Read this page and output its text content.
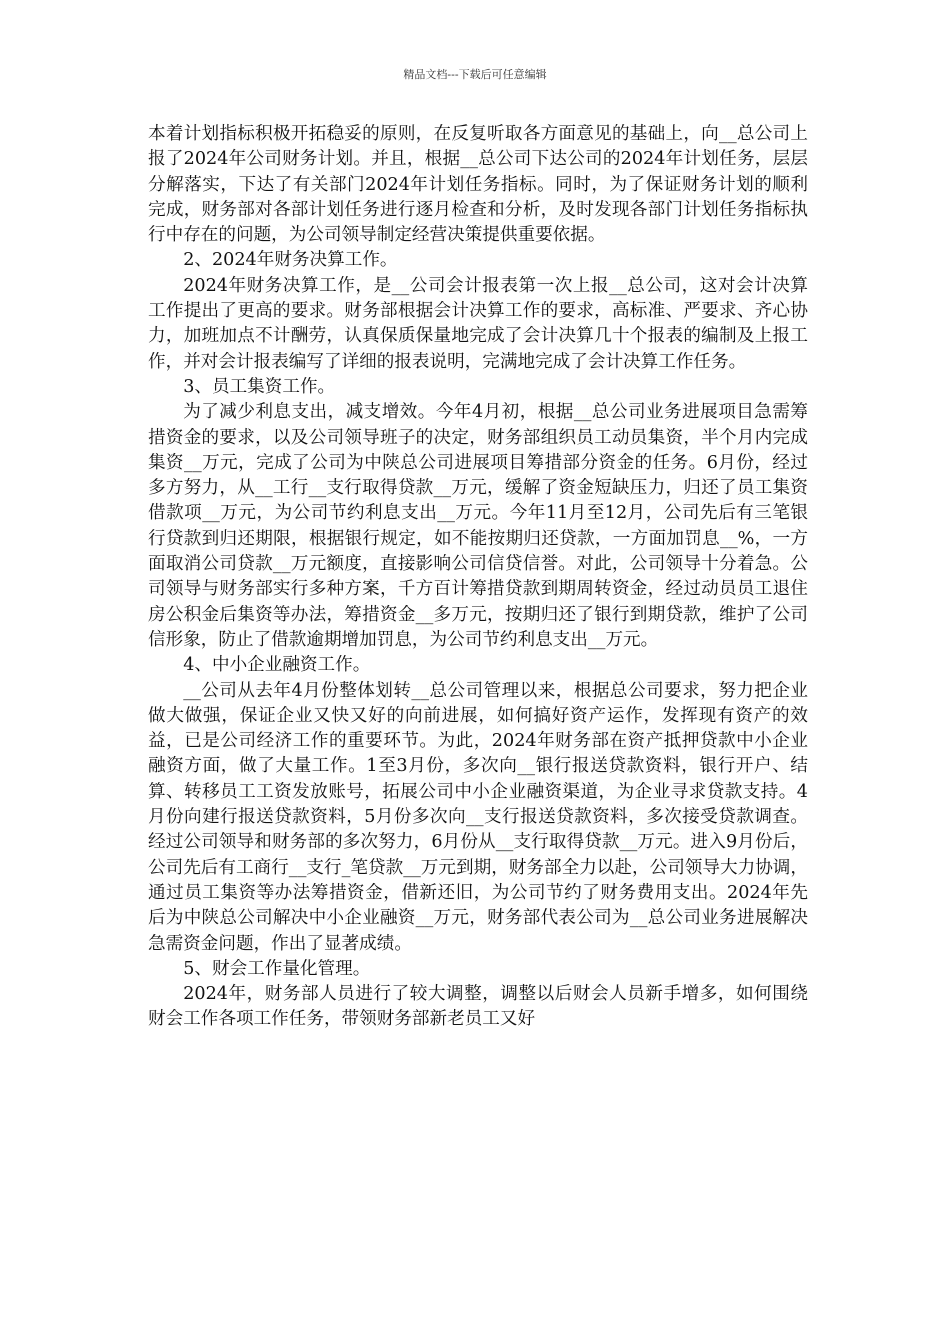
精品文档---下载后可任意编辑

本着计划指标积极开拓稳妥的原则，在反复听取各方面意见的基础上，向__总公司上报了2024年公司财务计划。并且，根据__总公司下达公司的2024年计划任务，层层分解落实，下达了有关部门2024年计划任务指标。同时，为了保证财务计划的顺利完成，财务部对各部计划任务进行逐月检查和分析，及时发现各部门计划任务指标执行中存在的问题，为公司领导制定经营决策提供重要依据。

2、2024年财务决算工作。

2024年财务决算工作，是__公司会计报表第一次上报__总公司，这对会计决算工作提出了更高的要求。财务部根据会计决算工作的要求，高标准、严要求、齐心协力，加班加点不计酬劳，认真保质保量地完成了会计决算几十个报表的编制及上报工作，并对会计报表编写了详细的报表说明，完满地完成了会计决算工作任务。

3、员工集资工作。

为了减少利息支出，减支增效。今年4月初，根据__总公司业务进展项目急需筹措资金的要求，以及公司领导班子的决定，财务部组织员工动员集资，半个月内完成集资__万元，完成了公司为中陕总公司进展项目筹措部分资金的任务。6月份，经过多方努力，从__工行__支行取得贷款__万元，缓解了资金短缺压力，归还了员工集资借款项__万元，为公司节约利息支出__万元。今年11月至12月，公司先后有三笔银行贷款到归还期限，根据银行规定，如不能按期归还贷款，一方面加罚息__%，一方面取消公司贷款__万元额度，直接影响公司信贷信誉。对此，公司领导十分着急。公司领导与财务部实行多种方案，千方百计筹措贷款到期周转资金，经过动员员工退住房公积金后集资等办法，筹措资金__多万元，按期归还了银行到期贷款，维护了公司信形象，防止了借款逾期增加罚息，为公司节约利息支出__万元。

4、中小企业融资工作。

__公司从去年4月份整体划转__总公司管理以来，根据总公司要求，努力把企业做大做强，保证企业又快又好的向前进展，如何搞好资产运作，发挥现有资产的效益，已是公司经济工作的重要环节。为此，2024年财务部在资产抵押贷款中小企业融资方面，做了大量工作。1至3月份，多次向__银行报送贷款资料，银行开户、结算、转移员工工资发放账号，拓展公司中小企业融资渠道，为企业寻求贷款支持。4月份向建行报送贷款资料，5月份多次向__支行报送贷款资料，多次接受贷款调查。经过公司领导和财务部的多次努力，6月份从__支行取得贷款__万元。进入9月份后，公司先后有工商行__支行_笔贷款__万元到期，财务部全力以赴，公司领导大力协调，通过员工集资等办法筹措资金，借新还旧，为公司节约了财务费用支出。2024年先后为中陕总公司解决中小企业融资__万元，财务部代表公司为__总公司业务进展解决急需资金问题，作出了显著成绩。

5、财会工作量化管理。

2024年，财务部人员进行了较大调整，调整以后财会人员新手增多，如何围绕财会工作各项工作任务，带领财务部新老员工又好
